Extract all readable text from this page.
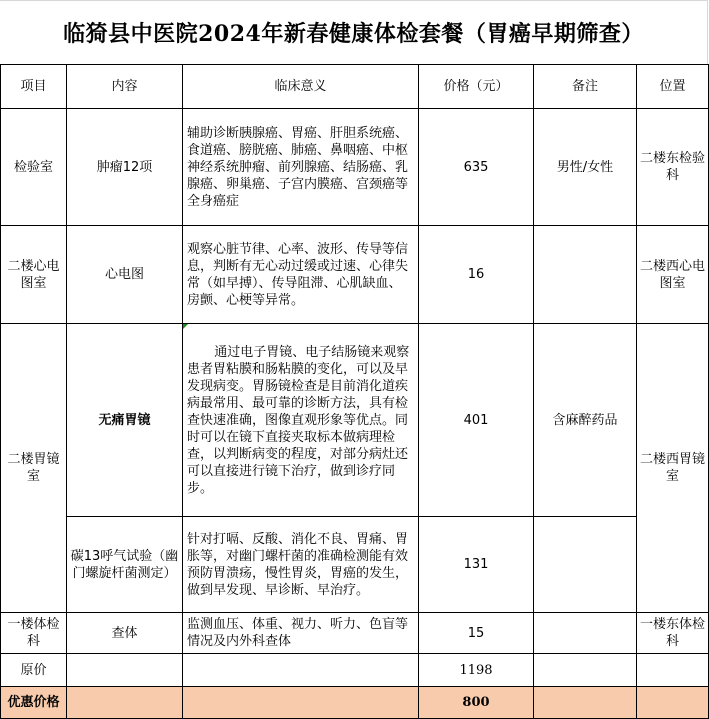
临猗县中医院2024年新春健康体检套餐（胃癌早期筛查）
项目	内容	临床意义	价格（元）	备注	位置
检验室	肿瘤12项	辅助诊断胰腺癌、胃癌、肝胆系统癌、食道癌、膀胱癌、肺癌、鼻咽癌、中枢神经系统肿瘤、前列腺癌、结肠癌、乳腺癌、卵巢癌、子宫内膜癌、宫颈癌等全身癌症	635	男性/女性	二楼东检验科
二楼心电图室	心电图	观察心脏节律、心率、波形、传导等信息，判断有无心动过缓或过速、心律失常（如早搏）、传导阻滞、心肌缺血、房颤、心梗等异常。	16		二楼西心电图室
二楼胃镜室	无痛胃镜	通过电子胃镜、电子结肠镜来观察患者胃粘膜和肠粘膜的变化，可以及早发现病变。胃肠镜检查是目前消化道疾病最常用、最可靠的诊断方法，具有检查快速准确，图像直观形象等优点。同时可以在镜下直接夹取标本做病理检查，以判断病变的程度，对部分病灶还可以直接进行镜下治疗，做到诊疗同步。	401	含麻醉药品	二楼西胃镜室
	碳13呼气试验（幽门螺旋杆菌测定）	针对打嗝、反酸、消化不良、胃痛、胃胀等，对幽门螺杆菌的准确检测能有效预防胃溃疡，慢性胃炎，胃癌的发生，做到早发现、早诊断、早治疗。	131		
一楼体检科	查体	监测血压、体重、视力、听力、色盲等情况及内外科查体	15		一楼东体检科
原价			1198		
优惠价格			800		
